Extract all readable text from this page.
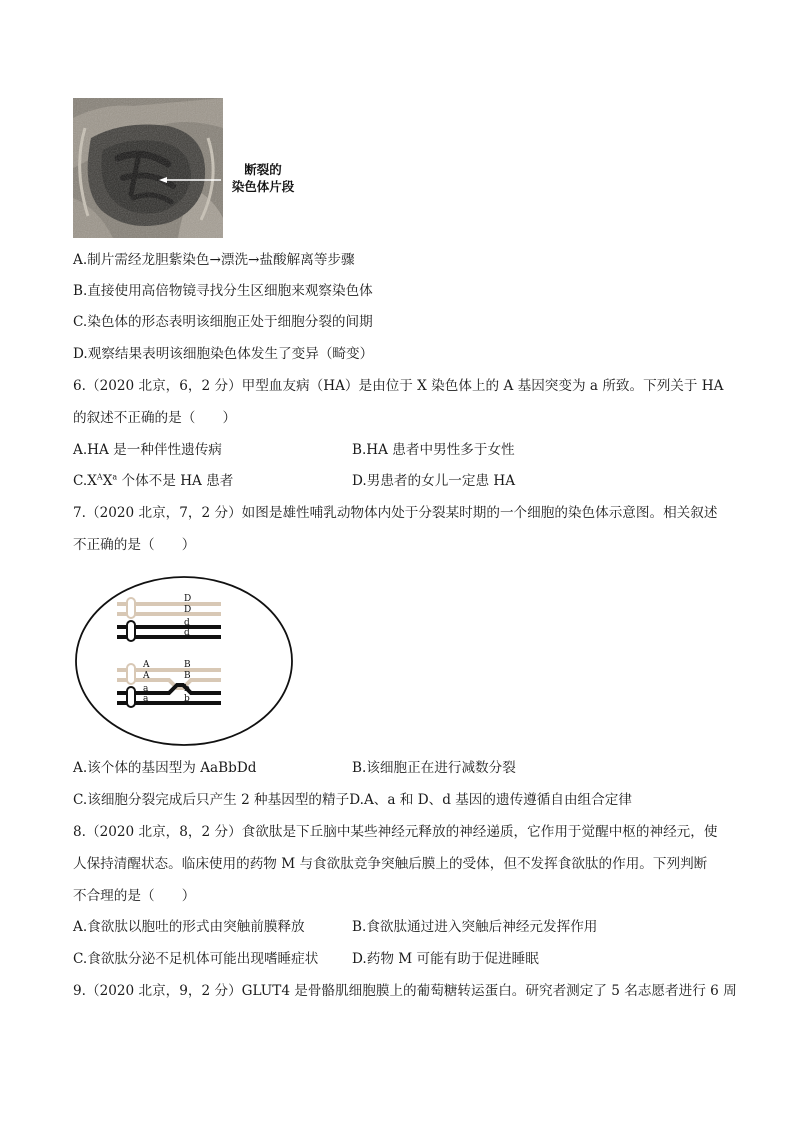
断裂的
染色体片段
A.制片需经龙胆紫染色→漂洗→盐酸解离等步骤
B.直接使用高倍物镜寻找分生区细胞来观察染色体
C.染色体的形态表明该细胞正处于细胞分裂的间期
D.观察结果表明该细胞染色体发生了变异（畸变）
6.（2020 北京，6，2 分）甲型血友病（HA）是由位于 X 染色体上的 A 基因突变为 a 所致。下列关于 HA
的叙述不正确的是（　　）
A.HA 是一种伴性遗传病	B.HA 患者中男性多于女性
$C.X^AX^a$ 个体不是 HA 患者	D.男患者的女儿一定患 HA
7.（2020 北京，7，2 分）如图是雄性哺乳动物体内处于分裂某时期的一个细胞的染色体示意图。相关叙述
不正确的是（　　）
D
D
d
d
A
A
B
B
a
a
b
b
A.该个体的基因型为 AaBbDd	B.该细胞正在进行减数分裂
C.该细胞分裂完成后只产生 2 种基因型的精子D.A、a 和 D、d 基因的遗传遵循自由组合定律
8.（2020 北京，8，2 分）食欲肽是下丘脑中某些神经元释放的神经递质，它作用于觉醒中枢的神经元，使
人保持清醒状态。临床使用的药物 M 与食欲肽竞争突触后膜上的受体，但不发挥食欲肽的作用。下列判断
不合理的是（　　）
A.食欲肽以胞吐的形式由突触前膜释放	B.食欲肽通过进入突触后神经元发挥作用
C.食欲肽分泌不足机体可能出现嗜睡症状 D.药物 M 可能有助于促进睡眠
9.（2020 北京，9，2 分）GLUT4 是骨骼肌细胞膜上的葡萄糖转运蛋白。研究者测定了 5 名志愿者进行 6 周
